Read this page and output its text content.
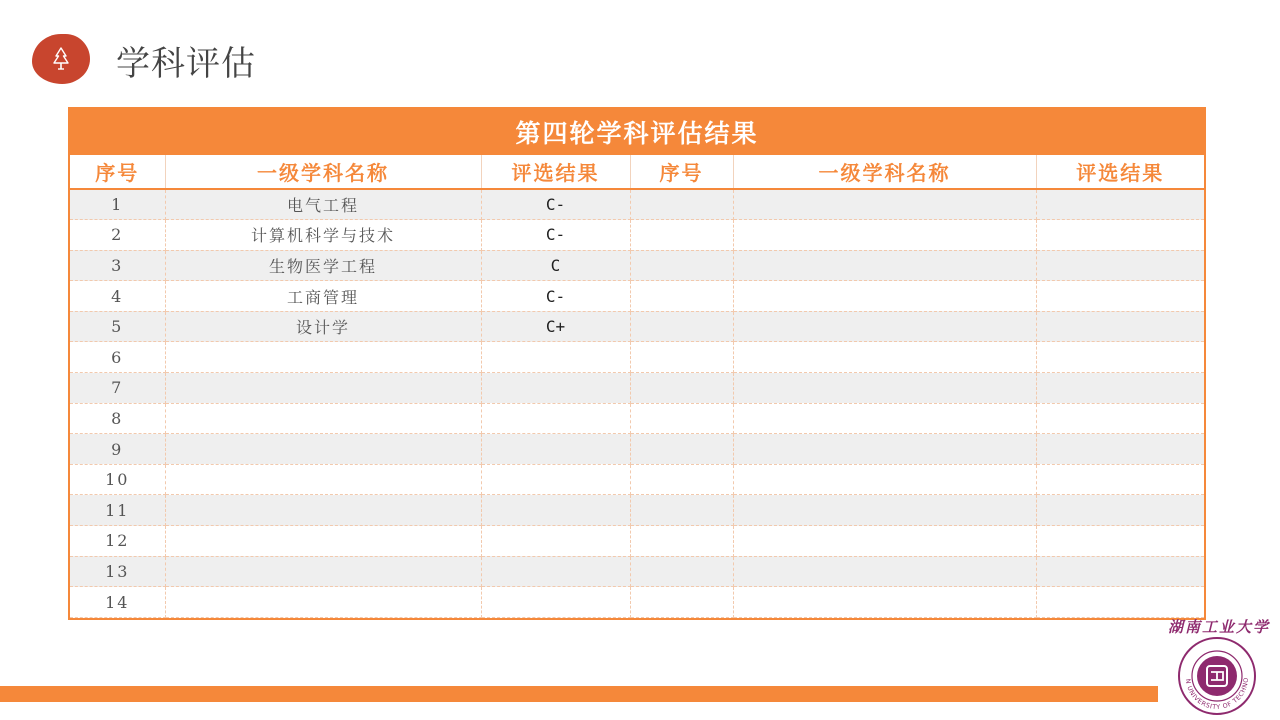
学科评估
第四轮学科评估结果
序号	一级学科名称	评选结果	序号	一级学科名称	评选结果
1	电气工程	C-			
2	计算机科学与技术	C-			
3	生物医学工程	C			
4	工商管理	C-			
5	设计学	C+			
6					
7					
8					
9					
10					
11					
12					
13					
14					
湖南工业大学
N UNIVERSITY OF TECHNO
